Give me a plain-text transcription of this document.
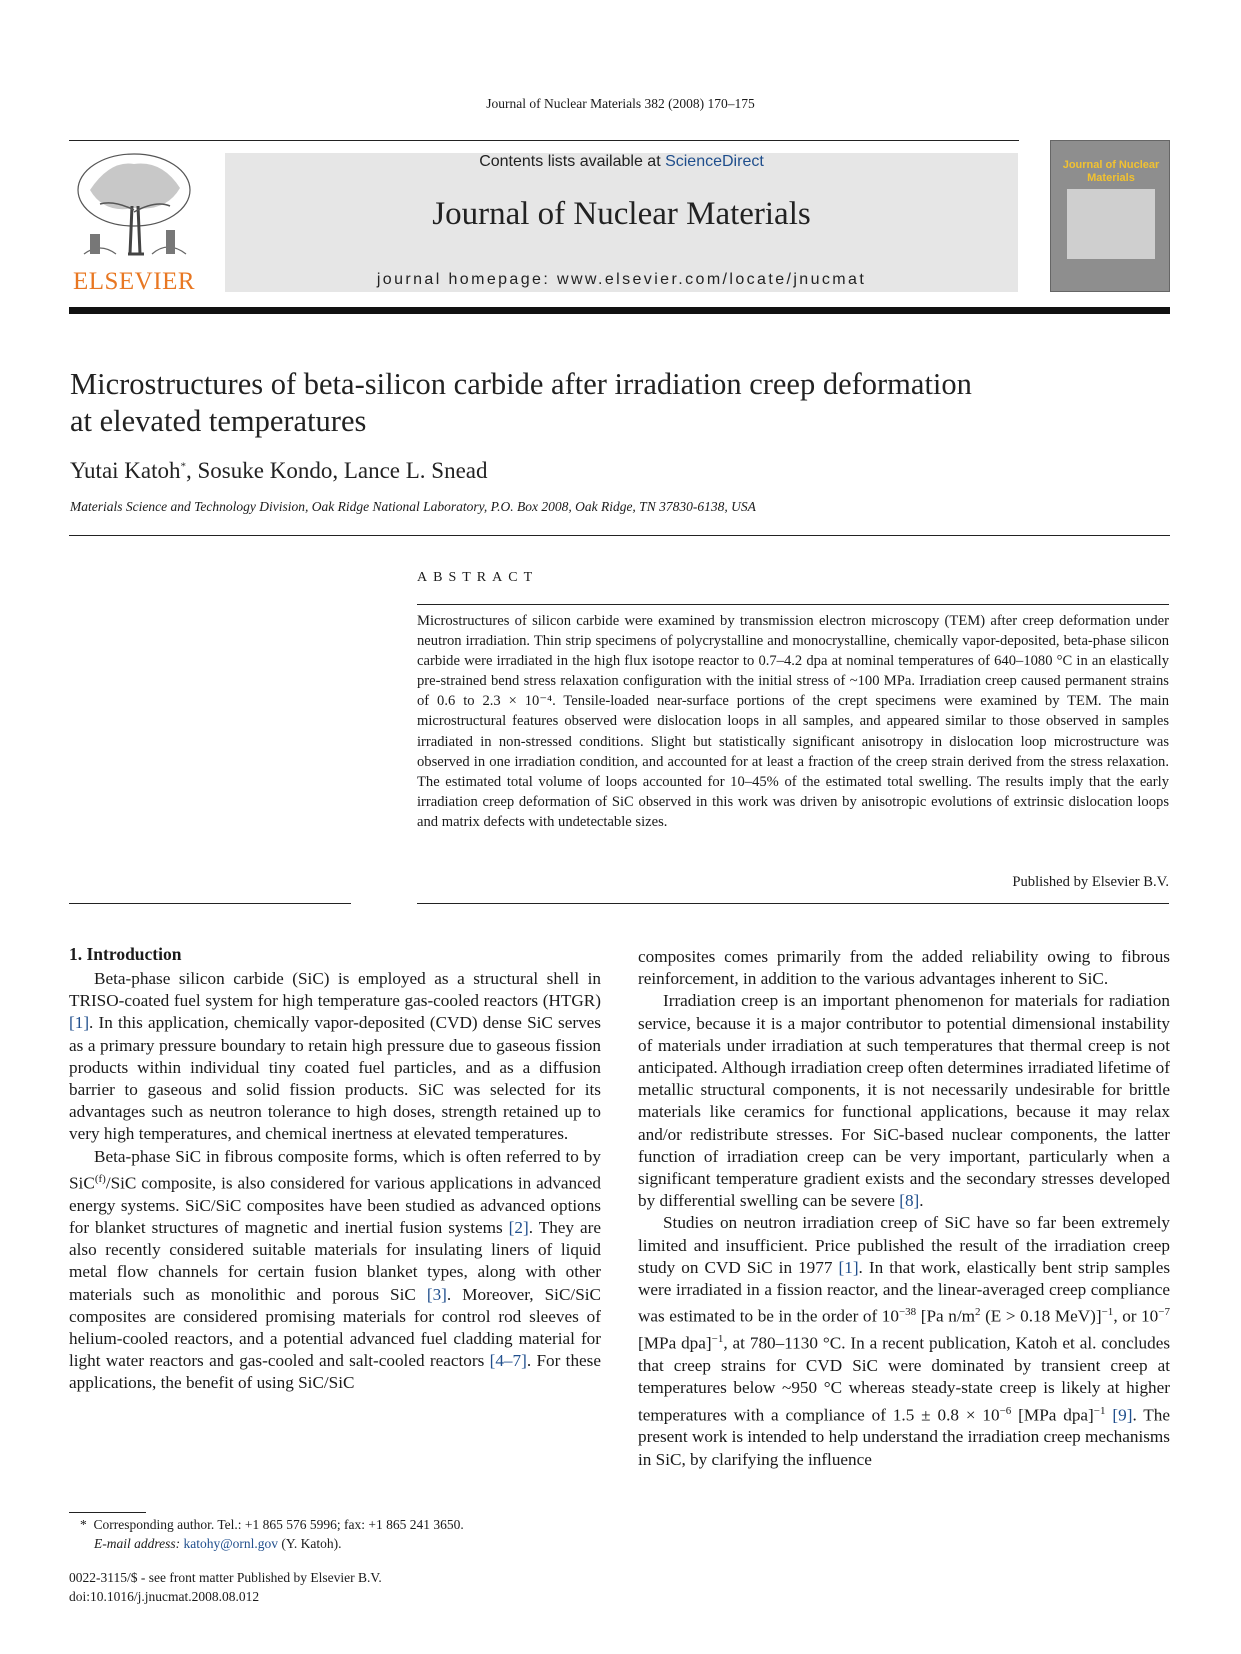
Journal of Nuclear Materials 382 (2008) 170–175
ELSEVIER
Contents lists available at ScienceDirect
Journal of Nuclear Materials
journal homepage: www.elsevier.com/locate/jnucmat
Journal of Nuclear Materials
Microstructures of beta-silicon carbide after irradiation creep deformation
at elevated temperatures
Yutai Katoh*, Sosuke Kondo, Lance L. Snead
Materials Science and Technology Division, Oak Ridge National Laboratory, P.O. Box 2008, Oak Ridge, TN 37830-6138, USA
ABSTRACT
Microstructures of silicon carbide were examined by transmission electron microscopy (TEM) after creep deformation under neutron irradiation. Thin strip specimens of polycrystalline and monocrystalline, chemically vapor-deposited, beta-phase silicon carbide were irradiated in the high flux isotope reactor to 0.7–4.2 dpa at nominal temperatures of 640–1080 °C in an elastically pre-strained bend stress relaxation configuration with the initial stress of ~100 MPa. Irradiation creep caused permanent strains of 0.6 to 2.3 × 10⁻⁴. Tensile-loaded near-surface portions of the crept specimens were examined by TEM. The main microstructural features observed were dislocation loops in all samples, and appeared similar to those observed in samples irradiated in non-stressed conditions. Slight but statistically significant anisotropy in dislocation loop microstructure was observed in one irradiation condition, and accounted for at least a fraction of the creep strain derived from the stress relaxation. The estimated total volume of loops accounted for 10–45% of the estimated total swelling. The results imply that the early irradiation creep deformation of SiC observed in this work was driven by anisotropic evolutions of extrinsic dislocation loops and matrix defects with undetectable sizes.
Published by Elsevier B.V.
1. Introduction

Beta-phase silicon carbide (SiC) is employed as a structural shell in TRISO-coated fuel system for high temperature gas-cooled reactors (HTGR) [1]. In this application, chemically vapor-deposited (CVD) dense SiC serves as a primary pressure boundary to retain high pressure due to gaseous fission products within individual tiny coated fuel particles, and as a diffusion barrier to gaseous and solid fission products. SiC was selected for its advantages such as neutron tolerance to high doses, strength retained up to very high temperatures, and chemical inertness at elevated temperatures.

Beta-phase SiC in fibrous composite forms, which is often referred to by SiC$^{(f)}$/SiC composite, is also considered for various applications in advanced energy systems. SiC/SiC composites have been studied as advanced options for blanket structures of magnetic and inertial fusion systems [2]. They are also recently considered suitable materials for insulating liners of liquid metal flow channels for certain fusion blanket types, along with other materials such as monolithic and porous SiC [3]. Moreover, SiC/SiC composites are considered promising materials for control rod sleeves of helium-cooled reactors, and a potential advanced fuel cladding material for light water reactors and gas-cooled and salt-cooled reactors [4–7]. For these applications, the benefit of using SiC/SiC

composites comes primarily from the added reliability owing to fibrous reinforcement, in addition to the various advantages inherent to SiC.

Irradiation creep is an important phenomenon for materials for radiation service, because it is a major contributor to potential dimensional instability of materials under irradiation at such temperatures that thermal creep is not anticipated. Although irradiation creep often determines irradiated lifetime of metallic structural components, it is not necessarily undesirable for brittle materials like ceramics for functional applications, because it may relax and/or redistribute stresses. For SiC-based nuclear components, the latter function of irradiation creep can be very important, particularly when a significant temperature gradient exists and the secondary stresses developed by differential swelling can be severe [8].

Studies on neutron irradiation creep of SiC have so far been extremely limited and insufficient. Price published the result of the irradiation creep study on CVD SiC in 1977 [1]. In that work, elastically bent strip samples were irradiated in a fission reactor, and the linear-averaged creep compliance was estimated to be in the order of $10^{-38}$ [Pa $n/m^2$ (E > 0.18 MeV)]$^{-1}$, or $10^{-7}$ [MPa dpa]$^{-1}$, at 780–1130 °C. In a recent publication, Katoh et al. concludes that creep strains for CVD SiC were dominated by transient creep at temperatures below ~950 °C whereas steady-state creep is likely at higher temperatures with a compliance of $1.5 \pm 0.8 \times 10^{-6}$ [MPa dpa]$^{-1}$ [9]. The present work is intended to help understand the irradiation creep mechanisms in SiC, by clarifying the influence

* Corresponding author. Tel.: +1 865 576 5996; fax: +1 865 241 3650.
E-mail address: katohy@ornl.gov (Y. Katoh).
0022-3115/$ - see front matter Published by Elsevier B.V.
doi:10.1016/j.jnucmat.2008.08.012
